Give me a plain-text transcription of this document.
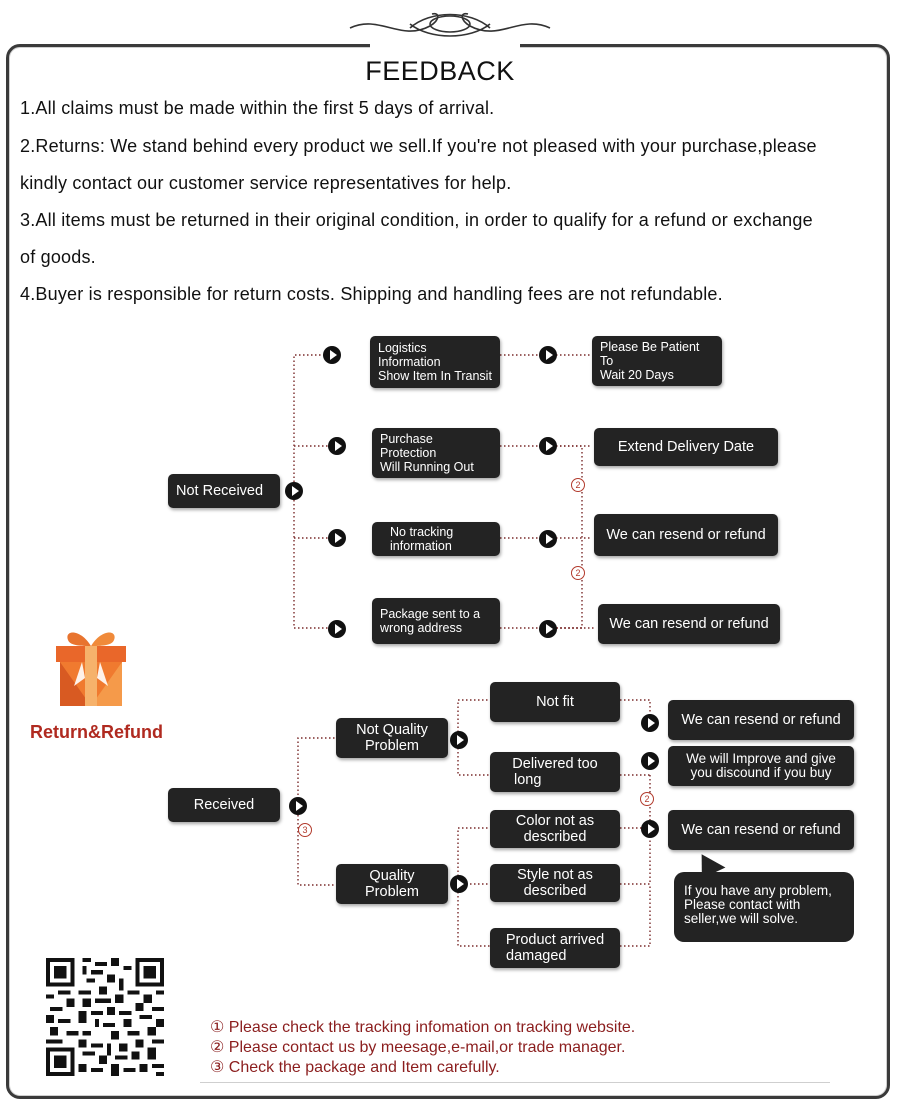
FEEDBACK
1.All claims must be made within the first 5 days of arrival.
2.Returns: We stand behind every product we sell.If you're not pleased with your purchase,please
kindly contact our customer service representatives for help.
3.All items must be returned in their original condition, in order to qualify for a refund or exchange
of goods.
4.Buyer is responsible for return costs. Shipping and handling fees are not refundable.
Not Received
Logistics Information
Show Item In Transit
Please Be Patient To
Wait 20 Days
Purchase Protection
Will Running Out
Extend Delivery Date
2
No tracking
information
We can resend or refund
2
Package sent to a
wrong address	We can resend or refund
Return&Refund
Received
3
Not Quality
Problem
Quality
Problem
Not fit
Delivered too
long
Color not as
described
Style not as
described
Product arrived
damaged
We can resend or refund
We will Improve and give
you discound if you buy
2
We can resend or refund
If you have any problem,
Please contact with
seller,we will solve.
① Please check the tracking infomation on tracking website.
② Please contact us by meesage,e-mail,or trade manager.
③ Check the package and Item carefully.
